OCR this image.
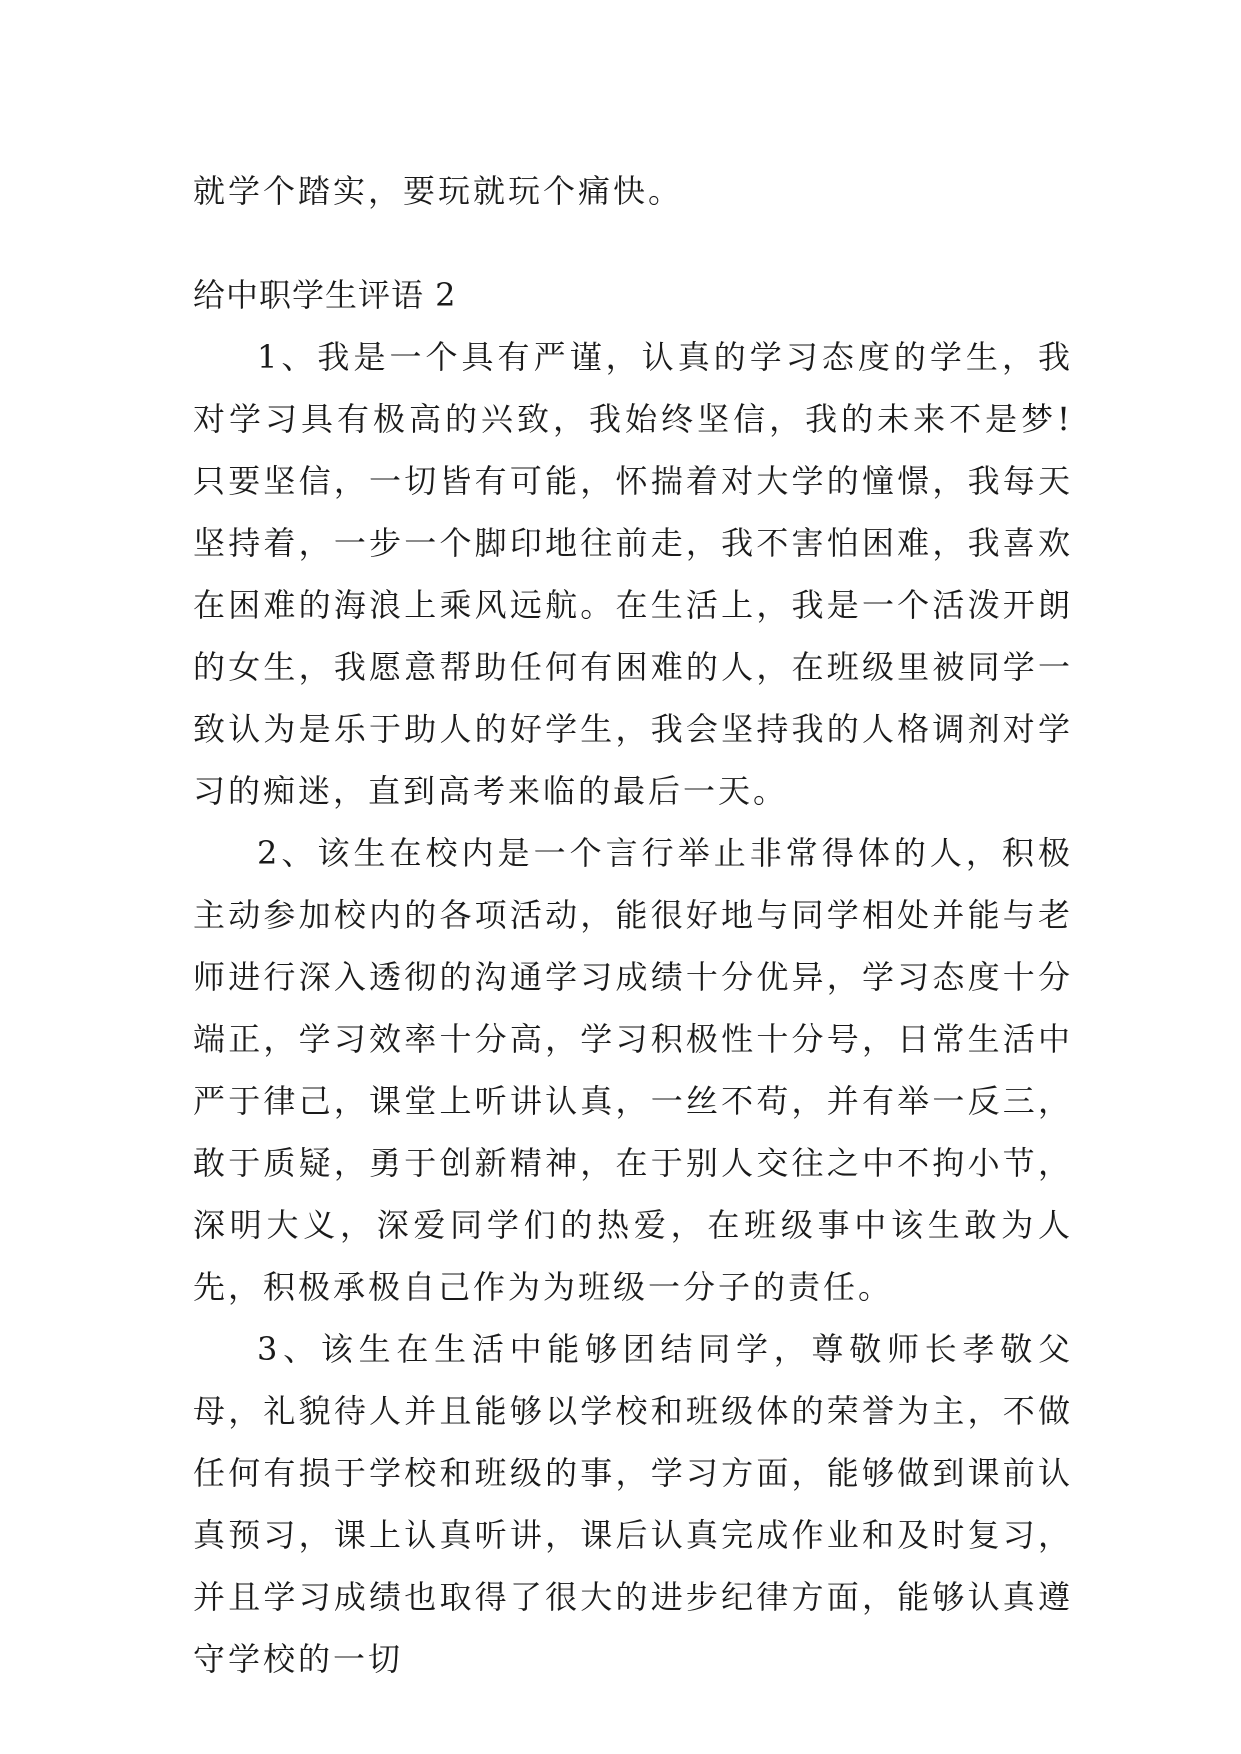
就学个踏实，要玩就玩个痛快。

给中职学生评语 2

1、我是一个具有严谨，认真的学习态度的学生，我对学习具有极高的兴致，我始终坚信，我的未来不是梦!只要坚信，一切皆有可能，怀揣着对大学的憧憬，我每天坚持着，一步一个脚印地往前走，我不害怕困难，我喜欢在困难的海浪上乘风远航。在生活上，我是一个活泼开朗的女生，我愿意帮助任何有困难的人，在班级里被同学一致认为是乐于助人的好学生，我会坚持我的人格调剂对学习的痴迷，直到高考来临的最后一天。

2、该生在校内是一个言行举止非常得体的人，积极主动参加校内的各项活动，能很好地与同学相处并能与老师进行深入透彻的沟通学习成绩十分优异，学习态度十分端正，学习效率十分高，学习积极性十分号，日常生活中严于律己，课堂上听讲认真，一丝不苟，并有举一反三，敢于质疑，勇于创新精神，在于别人交往之中不拘小节，深明大义，深爱同学们的热爱，在班级事中该生敢为人先，积极承极自己作为为班级一分子的责任。

3、该生在生活中能够团结同学，尊敬师长孝敬父母，礼貌待人并且能够以学校和班级体的荣誉为主，不做任何有损于学校和班级的事，学习方面，能够做到课前认真预习，课上认真听讲，课后认真完成作业和及时复习，并且学习成绩也取得了很大的进步纪律方面，能够认真遵守学校的一切
